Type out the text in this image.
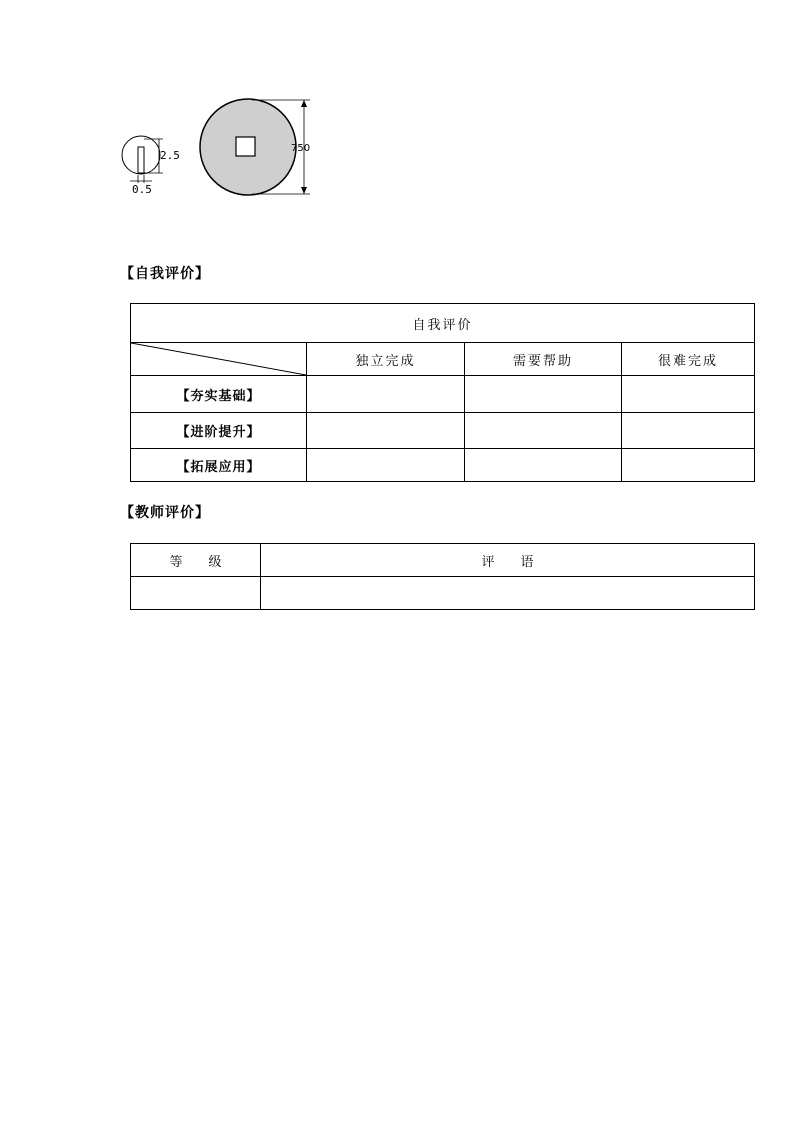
2.5
0.5
750
【自我评价】
自我评价			

	独立完成	需要帮助	很难完成
【夯实基础】			
【进阶提升】			
【拓展应用】			
【教师评价】
等　　级	评　　语
